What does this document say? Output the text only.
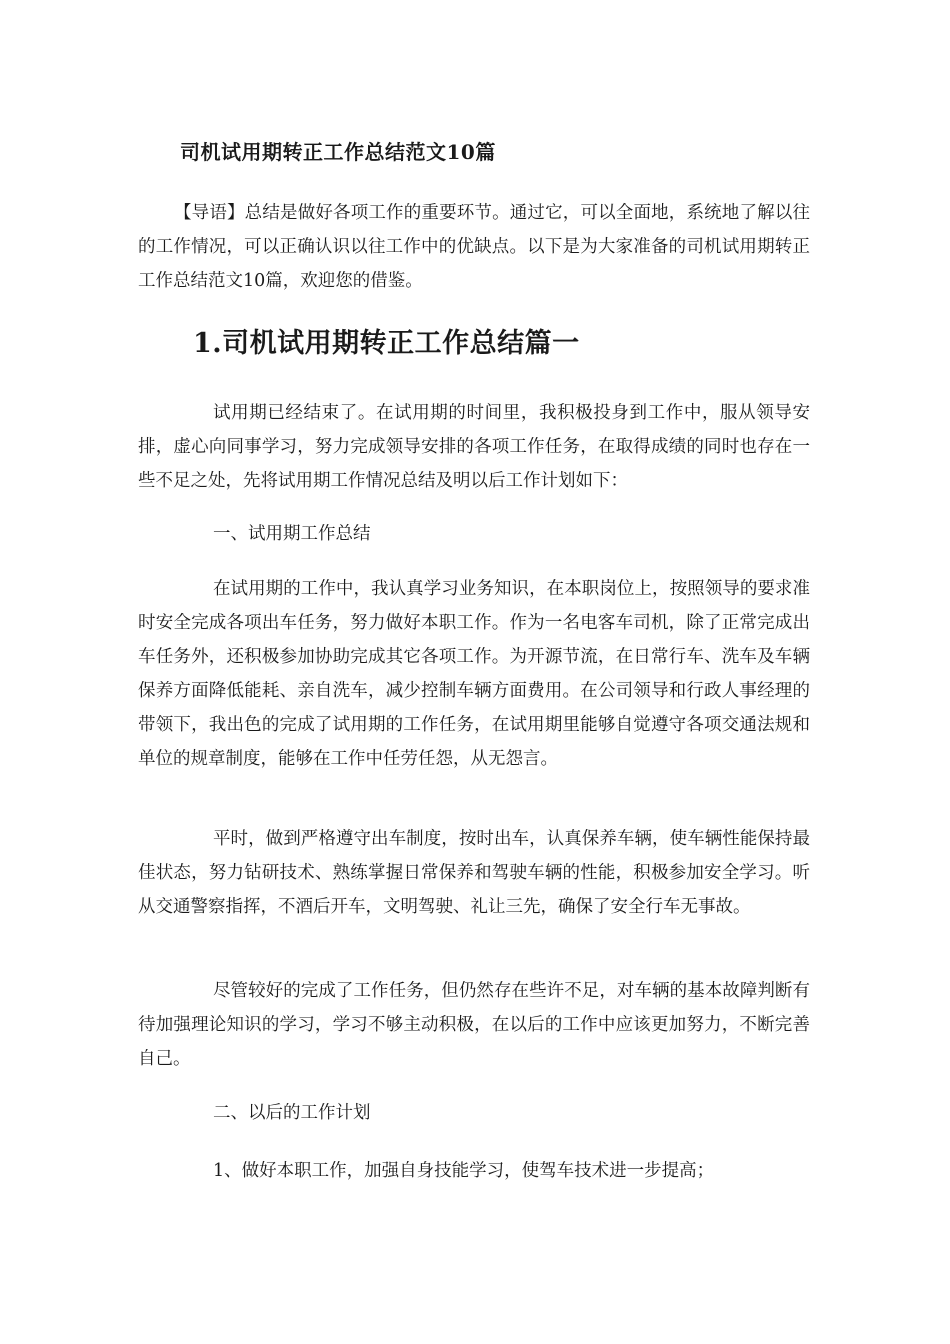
司机试用期转正工作总结范文10篇

【导语】总结是做好各项工作的重要环节。通过它，可以全面地，系统地了解以往的工作情况，可以正确认识以往工作中的优缺点。以下是为大家准备的司机试用期转正工作总结范文10篇，欢迎您的借鉴。

1.司机试用期转正工作总结篇一

试用期已经结束了。在试用期的时间里，我积极投身到工作中，服从领导安排，虚心向同事学习，努力完成领导安排的各项工作任务，在取得成绩的同时也存在一些不足之处，先将试用期工作情况总结及明以后工作计划如下：

一、试用期工作总结

在试用期的工作中，我认真学习业务知识，在本职岗位上，按照领导的要求准时安全完成各项出车任务，努力做好本职工作。作为一名电客车司机，除了正常完成出车任务外，还积极参加协助完成其它各项工作。为开源节流，在日常行车、洗车及车辆保养方面降低能耗、亲自洗车，减少控制车辆方面费用。在公司领导和行政人事经理的带领下，我出色的完成了试用期的工作任务，在试用期里能够自觉遵守各项交通法规和单位的规章制度，能够在工作中任劳任怨，从无怨言。

平时，做到严格遵守出车制度，按时出车，认真保养车辆，使车辆性能保持最佳状态，努力钻研技术、熟练掌握日常保养和驾驶车辆的性能，积极参加安全学习。听从交通警察指挥，不酒后开车，文明驾驶、礼让三先，确保了安全行车无事故。

尽管较好的完成了工作任务，但仍然存在些许不足，对车辆的基本故障判断有待加强理论知识的学习，学习不够主动积极，在以后的工作中应该更加努力，不断完善自己。

二、以后的工作计划

1、做好本职工作，加强自身技能学习，使驾车技术进一步提高；
